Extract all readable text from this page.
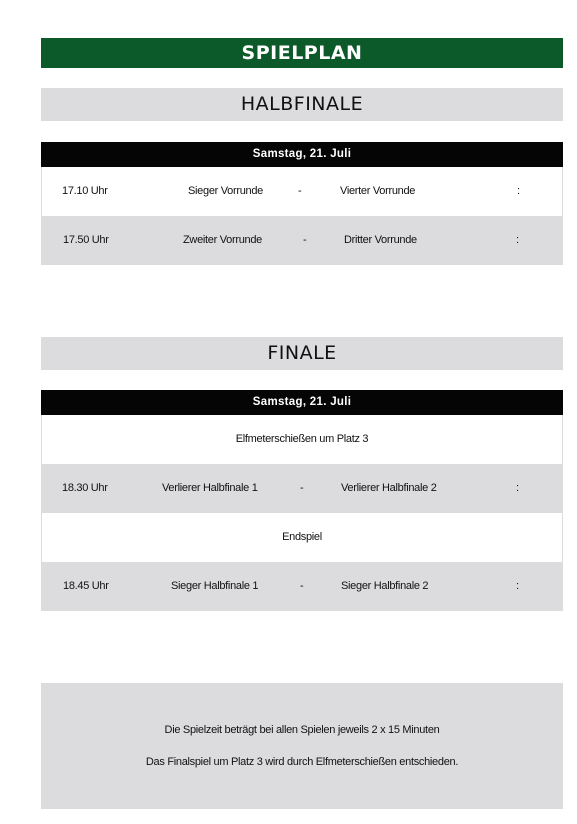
SPIELPLAN
HALBFINALE
Samstag, 21. Juli
17.10 Uhr	Sieger Vorrunde	-	Vierter Vorrunde	:
17.50 Uhr	Zweiter Vorrunde	-	Dritter Vorrunde	:
FINALE
Samstag, 21. Juli
Elfmeterschießen um Platz 3
18.30 Uhr	Verlierer Halbfinale 1	-	Verlierer Halbfinale 2	:
Endspiel
18.45 Uhr	Sieger Halbfinale 1	-	Sieger Halbfinale 2	:

Die Spielzeit beträgt bei allen Spielen jeweils 2 x 15 Minuten

Das Finalspiel um Platz 3 wird durch Elfmeterschießen entschieden.
